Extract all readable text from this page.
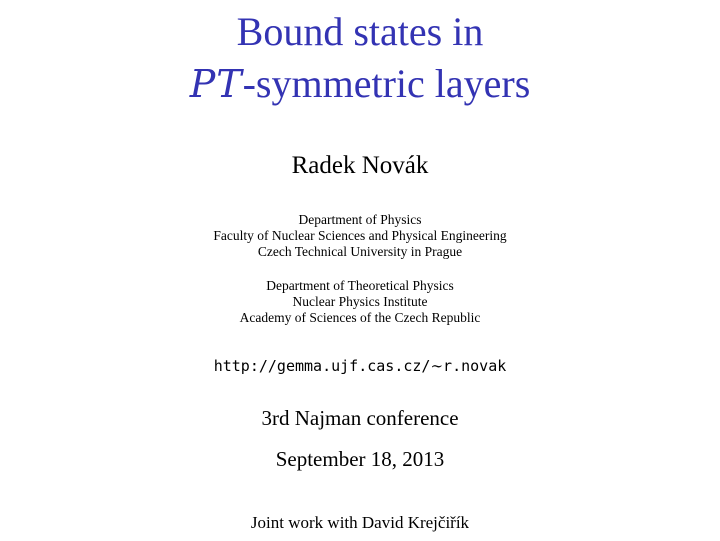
Bound states in
PT-symmetric layers
Radek Novák
Department of Physics
Faculty of Nuclear Sciences and Physical Engineering
Czech Technical University in Prague
Department of Theoretical Physics
Nuclear Physics Institute
Academy of Sciences of the Czech Republic
http://gemma.ujf.cas.cz/∼r.novak
3rd Najman conference
September 18, 2013
Joint work with David Krejčiřík
